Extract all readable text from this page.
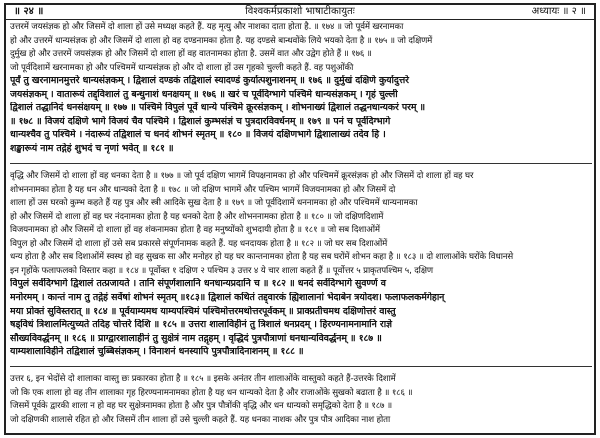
॥ २४ ॥	विश्वकर्मप्रकाशो भाषाटीकायुतः	अध्यायः ॥ २ ॥
उत्तरमें जयसंज्ञक हो और जिसमें दो शाला हों उसे मध्यक्ष कहते हैं. यह मृत्यु और नाशका दाता होता है. ॥ १७४ ॥ जो पूर्वमें खरनामका
हो और उत्तरमें धान्यसंज्ञक हो और जिसमें दो शाला हो वह दण्डनामका होता है. यह दण्डसे बान्धवोंके लिये भयको देता है ॥ १७५ ॥ जो दक्षिणमें
दुर्मुख हो और उत्तरमें जयसंज्ञक हो और जिसमें दो शाला हों वह वातनामका होता है. उसमें वात और उद्वेग होते हैं ॥ १७६ ॥
जो पूर्वदिशामें खरनामका हो और पश्चिममें धान्यसंज्ञक हो और दो शाला हों उस गृहको चुल्ली कहते हैं. वह पशुओंकी
पूर्वं तु खरनामानमुत्तरे धान्यसंज्ञकम् । द्विशालं दण्डकं तद्विशालं स्यादण्डं कुर्यात्पशुनाशनम् ॥ १७६ ॥ दुर्मुखं दक्षिणे कुर्यादुत्तरे
जयसंज्ञकम् । वातारूयं तद्द्विशालं तु बन्धुनाशं धनक्षयम् ॥ १७६ ॥ खरं च पूर्वदिग्भागे पश्चिमे धान्यसंज्ञकम् । गृहं चुल्ली
द्विशालं तद्धानिदं धनसंक्षयम् ॥ १७७ ॥ पश्चिमे विपुलं पूर्वे धान्ये पश्चिमे क्रूरसंज्ञकम् । शोभनाख्यं द्विशालं तद्धनधान्यकरं परम् ॥
॥ १७८ ॥ विजयं दक्षिणे भागे विजयं चैव पश्चिमे । द्विशालं कुम्भसंज्ञं च पुत्रदारविवर्धनम् ॥ १७९ ॥ पनं च पूर्वदिग्भागे
धान्यश्चैव तु पश्चिमे । नंदारूयं तद्विशालं च धनदं शोभनं स्मृतम् ॥ १८० ॥ विजयं दक्षिणभागे द्विशालाख्यं तदेव हि ।
शङ्खारूयं नाम तद्गेहं शुभदं च नृणां भवेत् ॥ १८१ ॥
वृद्धि और जिसमें दो शाला हों वह धनका देता है ॥ १७७ ॥ जो पूर्व दक्षिण भागमें विपक्षनामका हो और पश्चिममें क्रूरसंज्ञक हो और जिसमें दो शाला हों वह घर
शोभननामका होता है यह धन और धान्यको देता है ॥ १७८ ॥ जो दक्षिण भागमें और पश्चिम भागमें विजयनामका हो और जिसमें दो
शाला हों उस घरको कुम्भ कहते हैं यह पुत्र और स्त्री आदिके सुख देता है ॥ १७९ ॥ जो पूर्वदिशामें धननामका हो और पश्चिममें धान्यनामका
हो और जिसमें दो शाला हों वह घर नंदनामका होता है यह धनको देता है और शोभननामका होता है ॥ १८० ॥ जो दक्षिणदिशामें
विजयनामका हो और जिसमें दो शाला हों वह शंकनामका होता है वह मनुष्योंको शुभदायी होता है ॥ १८१ ॥ जो सब दिशाओंमें
विपुल हो और जिसमें दो शाला हों उसे सब प्रकारसे संपूर्णनामक कहते हैं. यह धनदायक होता है ॥ १८२ ॥ जो घर सब दिशाओंमें
धन्य होता है और सब दिशाओंमें स्वस्थ हो वह सुखक सा और मनोहर हो यह घर कान्तनामका होता है यह सब घरोंमें शोभन कहा है ॥ १८३ ॥ दो शालाओंके घरोंके विधानसे
इन गृहोंके फलाफलको विस्तार कहा ॥ १८४ ॥ पूर्वोक्त १ दक्षिण २ पश्चिम ३ उत्तर ४ ये चार शाला कहते हैं ॥ पूर्वोत्तर ५ प्राकृतपश्चिम ५, दक्षिण
विपुलं सर्वदिग्भागे द्विशालं तत्प्रजायते । तानि संपूर्णशालानि धनधान्यप्रदानि च ॥ १८२ ॥ धनदं सर्वदिग्भागे सुवर्ण्ण व
मनोरमम् । कान्तं नाम तु तद्गेहं सर्वेषां शोभनं स्मृतम् ॥१८३॥ द्विशालं कथितं तद्द्वारकं ह्यिशालानां भेदाबेन त्रयोदश। फलाफलकर्मगेहान्
मया प्रोक्तं सुविस्तरात् ॥ १८४ ॥ पूर्वयाम्यमथ याम्यपश्चिमं पश्चिमोत्तरमथोत्तरपूर्वकम् ॥ प्राक्प्रतीचमथ दक्षिणोत्तरं वास्तु
षड्विधं त्रिशालमित्युच्यते तदिह चोत्तरे दिशि ॥ १८५ ॥ उत्तरा शालाविहीनं तु त्रिशालं धनप्रदम् । हिरण्यनामनामानि राज्ञे
सौख्यविवर्द्धनम् ॥ १८६ ॥ प्राग्द्वारशालाहीनं तु सुक्षेत्रं नाम तद्गृहम् । वृद्धिदं पुत्रपौत्राणां धनधान्यविवर्द्धनम् ॥ १८७ ॥
याम्यशालाविहीने तद्विशालं चुब्बिसंज्ञकम् । विनाशनं धनस्यापि पुत्रपौत्रादिनाशनम् ॥ १८८ ॥
उत्तर ६, इन भेदोंसे दो शालाका वास्तु छः प्रकारका होता है ॥ १८५ ॥ इसके अनंतर तीन शालाओंके वास्तुको कहते हैं-उत्तरके दिशामें
जो कि एक शाला हो वह तीन शालाका गृह हिरण्यनामनामका होता है यह धन धान्यको देता है और राजाओंके सुखको बढाता है ॥ १८६ ॥
जिसमें पूर्वके द्वारकी शाला न हो वह घर सुक्षेत्रनामका होता है और पुत्र पौत्रोंकी वृद्धि और धन धान्यको समृद्धिको देता है ॥ १८७ ॥
जो दक्षिणकी शालासे रहित हो और जिसमें तीन शाला हों उसे चुल्ली कहते हैं. यह धनका नाशक और पुत्र पौत्र आदिका नाश होता
